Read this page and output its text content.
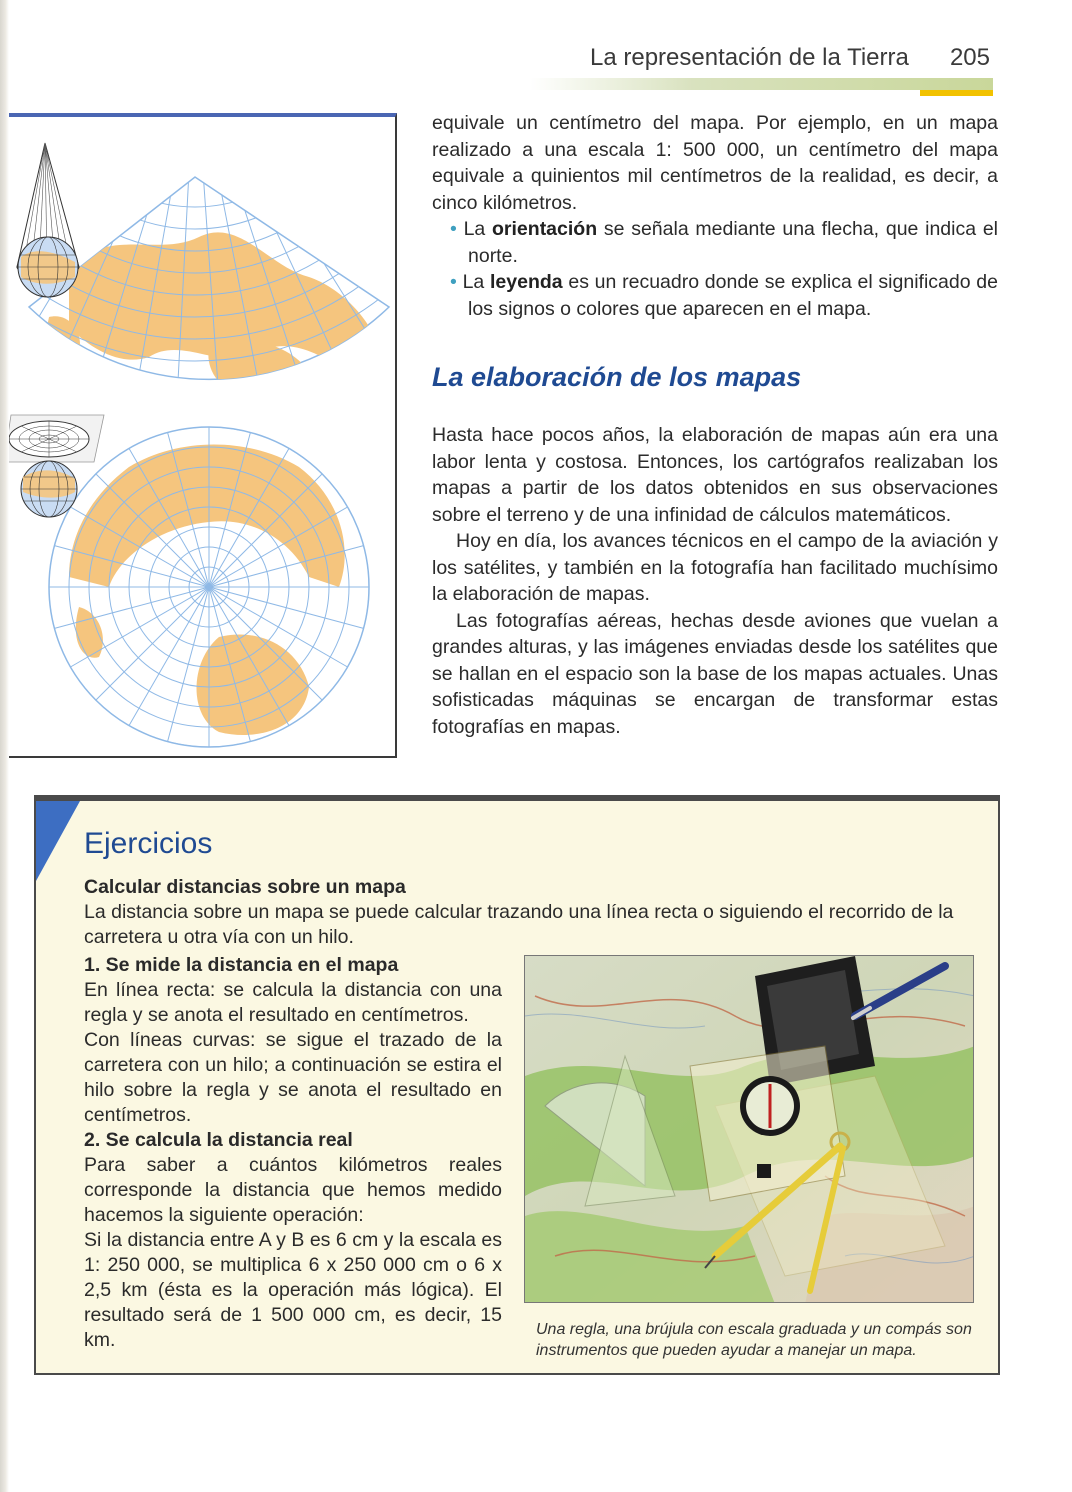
La representación de la Tierra 205

equivale un centímetro del mapa. Por ejemplo, en un mapa realizado a una escala 1: 500 000, un centímetro del mapa equivale a quinientos mil centímetros de la realidad, es decir, a cinco kilómetros.

• La orientación se señala mediante una flecha, que indica el norte.

• La leyenda es un recuadro donde se explica el significado de los signos o colores que aparecen en el mapa.

La elaboración de los mapas

Hasta hace pocos años, la elaboración de mapas aún era una labor lenta y costosa. Entonces, los cartógrafos realizaban los mapas a partir de los datos obtenidos en sus observaciones sobre el terreno y de una infinidad de cálculos matemáticos.

Hoy en día, los avances técnicos en el campo de la aviación y los satélites, y también en la fotografía han facilitado muchísimo la elaboración de mapas.

Las fotografías aéreas, hechas desde aviones que vuelan a grandes alturas, y las imágenes enviadas desde los satélites que se hallan en el espacio son la base de los mapas actuales. Unas sofisticadas máquinas se encargan de transformar estas fotografías en mapas.

Ejercicios
Calcular distancias sobre un mapa
La distancia sobre un mapa se puede calcular trazando una línea recta o siguiendo el recorrido de la carretera u otra vía con un hilo.
1. Se mide la distancia en el mapa
En línea recta: se calcula la distancia con una regla y se anota el resultado en centímetros.
Con líneas curvas: se sigue el trazado de la carretera con un hilo; a continuación se estira el hilo sobre la regla y se anota el resultado en centímetros.
2. Se calcula la distancia real
Para saber a cuántos kilómetros reales corresponde la distancia que hemos medido hacemos la siguiente operación:
Si la distancia entre A y B es 6 cm y la escala es 1: 250 000, se multiplica 6 x 250 000 cm o 6 x 2,5 km (ésta es la operación más lógica). El resultado será de 1 500 000 cm, es decir, 15 km.	Una regla, una brújula con escala graduada y un compás son instrumentos que pueden ayudar a manejar un mapa.
